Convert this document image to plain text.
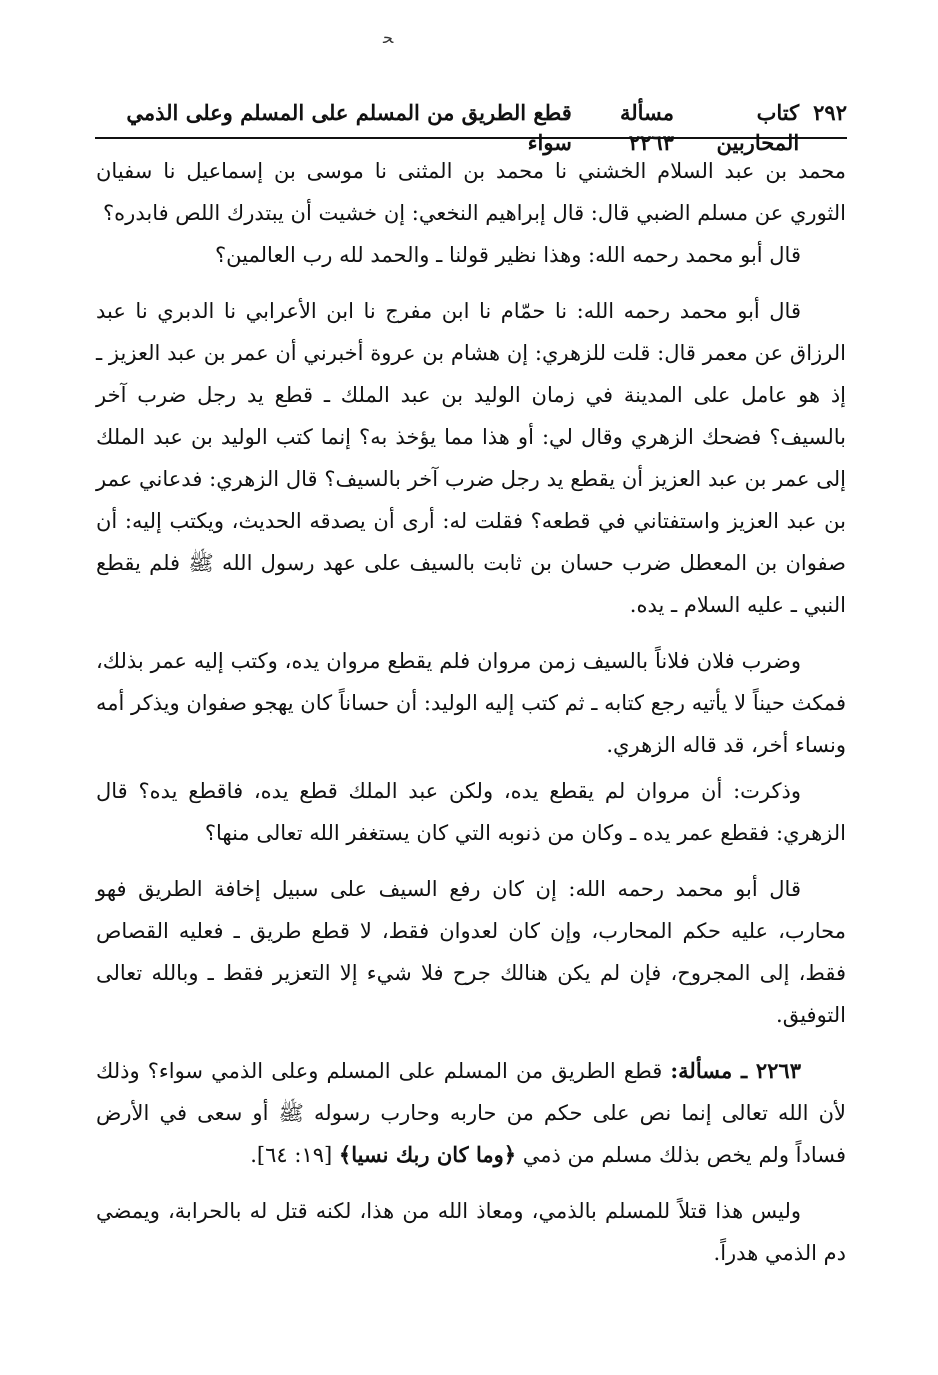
ﺤ
٢٩٢
كتاب المحاربين
مسألة ٢٢٦٣
قطع الطريق من المسلم على المسلم وعلى الذمي سواء

محمد بن عبد السلام الخشني نا محمد بن المثنى نا موسى بن إسماعيل نا سفيان الثوري عن مسلم الضبي قال: قال إبراهيم النخعي: إن خشيت أن يبتدرك اللص فابدره؟

قال أبو محمد رحمه الله: وهذا نظير قولنا ـ والحمد لله رب العالمين؟

قال أبو محمد رحمه الله: نا حمّام نا ابن مفرج نا ابن الأعرابي نا الدبري نا عبد الرزاق عن معمر قال: قلت للزهري: إن هشام بن عروة أخبرني أن عمر بن عبد العزيز ـ إذ هو عامل على المدينة في زمان الوليد بن عبد الملك ـ قطع يد رجل ضرب آخر بالسيف؟ فضحك الزهري وقال لي: أو هذا مما يؤخذ به؟ إنما كتب الوليد بن عبد الملك إلى عمر بن عبد العزيز أن يقطع يد رجل ضرب آخر بالسيف؟ قال الزهري: فدعاني عمر بن عبد العزيز واستفتاني في قطعه؟ فقلت له: أرى أن يصدقه الحديث، ويكتب إليه: أن صفوان بن المعطل ضرب حسان بن ثابت بالسيف على عهد رسول الله ﷺ فلم يقطع النبي ـ عليه السلام ـ يده.

وضرب فلان فلاناً بالسيف زمن مروان فلم يقطع مروان يده، وكتب إليه عمر بذلك، فمكث حيناً لا يأتيه رجع كتابه ـ ثم كتب إليه الوليد: أن حساناً كان يهجو صفوان ويذكر أمه ونساء أخر، قد قاله الزهري.

وذكرت: أن مروان لم يقطع يده، ولكن عبد الملك قطع يده، فاقطع يده؟ قال الزهري: فقطع عمر يده ـ وكان من ذنوبه التي كان يستغفر الله تعالى منها؟

قال أبو محمد رحمه الله: إن كان رفع السيف على سبيل إخافة الطريق فهو محارب، عليه حكم المحارب، وإن كان لعدوان فقط، لا قطع طريق ـ فعليه القصاص فقط، إلى المجروح، فإن لم يكن هنالك جرح فلا شيء إلا التعزير فقط ـ وبالله تعالى التوفيق.

٢٢٦٣ ـ مسألة: قطع الطريق من المسلم على المسلم وعلى الذمي سواء؟ وذلك لأن الله تعالى إنما نص على حكم من حاربه وحارب رسوله ﷺ أو سعى في الأرض فساداً ولم يخص بذلك مسلم من ذمي ﴿وما كان ربك نسيا﴾ [١٩: ٦٤].

وليس هذا قتلاً للمسلم بالذمي، ومعاذ الله من هذا، لكنه قتل له بالحرابة، ويمضي دم الذمي هدراً.
